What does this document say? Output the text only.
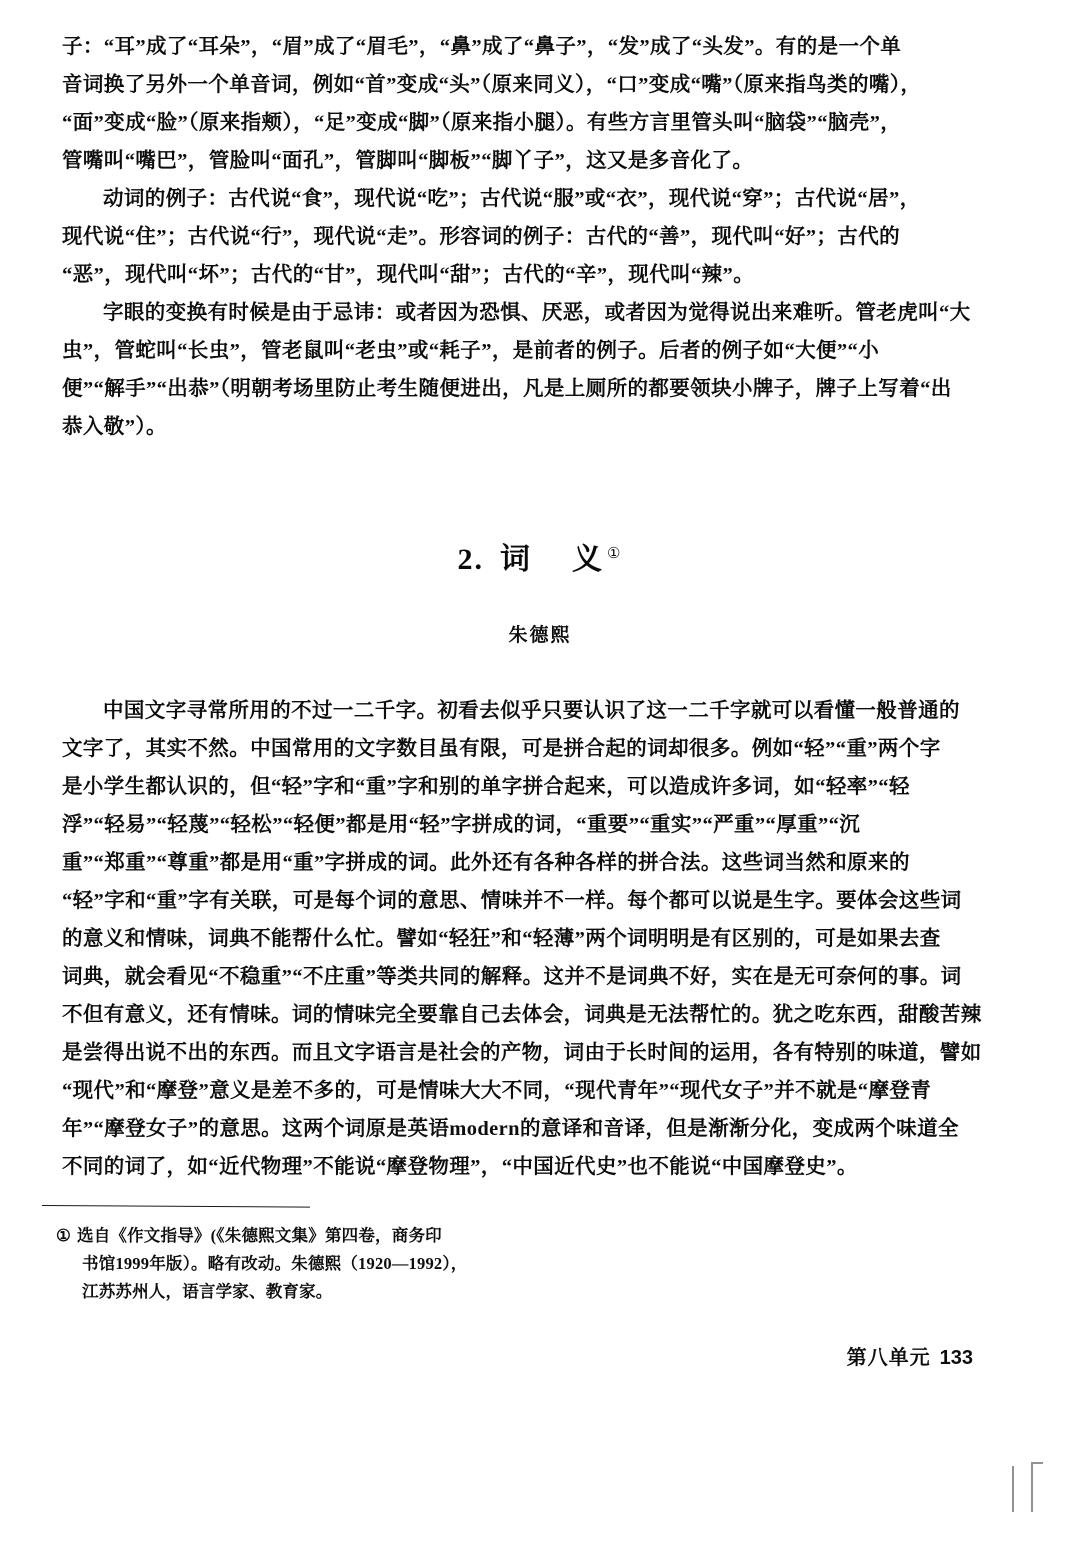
子：“耳”成了“耳朵”，“眉”成了“眉毛”，“鼻”成了“鼻子”，“发”成了“头发”。有的是一个单
音词换了另外一个单音词，例如“首”变成“头”（原来同义），“口”变成“嘴”（原来指鸟类的嘴），
“面”变成“脸”（原来指颊），“足”变成“脚”（原来指小腿）。有些方言里管头叫“脑袋”“脑壳”，
管嘴叫“嘴巴”，管脸叫“面孔”，管脚叫“脚板”“脚丫子”，这又是多音化了。

动词的例子：古代说“食”，现代说“吃”；古代说“服”或“衣”，现代说“穿”；古代说“居”，
现代说“住”；古代说“行”，现代说“走”。形容词的例子：古代的“善”，现代叫“好”；古代的
“恶”，现代叫“坏”；古代的“甘”，现代叫“甜”；古代的“辛”，现代叫“辣”。

字眼的变换有时候是由于忌讳：或者因为恐惧、厌恶，或者因为觉得说出来难听。管老虎叫“大
虫”，管蛇叫“长虫”，管老鼠叫“老虫”或“耗子”，是前者的例子。后者的例子如“大便”“小
便”“解手”“出恭”（明朝考场里防止考生随便进出，凡是上厕所的都要领块小牌子，牌子上写着“出
恭入敬”）。

2. 词 义 ①
朱德熙

中国文字寻常所用的不过一二千字。初看去似乎只要认识了这一二千字就可以看懂一般普通的
文字了，其实不然。中国常用的文字数目虽有限，可是拼合起的词却很多。例如“轻”“重”两个字
是小学生都认识的，但“轻”字和“重”字和别的单字拼合起来，可以造成许多词，如“轻率”“轻
浮”“轻易”“轻蔑”“轻松”“轻便”都是用“轻”字拼成的词，“重要”“重实”“严重”“厚重”“沉
重”“郑重”“尊重”都是用“重”字拼成的词。此外还有各种各样的拼合法。这些词当然和原来的
“轻”字和“重”字有关联，可是每个词的意思、情味并不一样。每个都可以说是生字。要体会这些词
的意义和情味，词典不能帮什么忙。譬如“轻狂”和“轻薄”两个词明明是有区别的，可是如果去查
词典，就会看见“不稳重”“不庄重”等类共同的解释。这并不是词典不好，实在是无可奈何的事。词
不但有意义，还有情味。词的情味完全要靠自己去体会，词典是无法帮忙的。犹之吃东西，甜酸苦辣
是尝得出说不出的东西。而且文字语言是社会的产物，词由于长时间的运用，各有特别的味道，譬如
“现代”和“摩登”意义是差不多的，可是情味大大不同，“现代青年”“现代女子”并不就是“摩登青
年”“摩登女子”的意思。这两个词原是英语modern的意译和音译，但是渐渐分化，变成两个味道全
不同的词了，如“近代物理”不能说“摩登物理”，“中国近代史”也不能说“中国摩登史”。

① 选自《作文指导》(《朱德熙文集》第四卷，商务印
书馆1999年版）。略有改动。朱德熙（1920—1992），
江苏苏州人，语言学家、教育家。
第八单元 133
